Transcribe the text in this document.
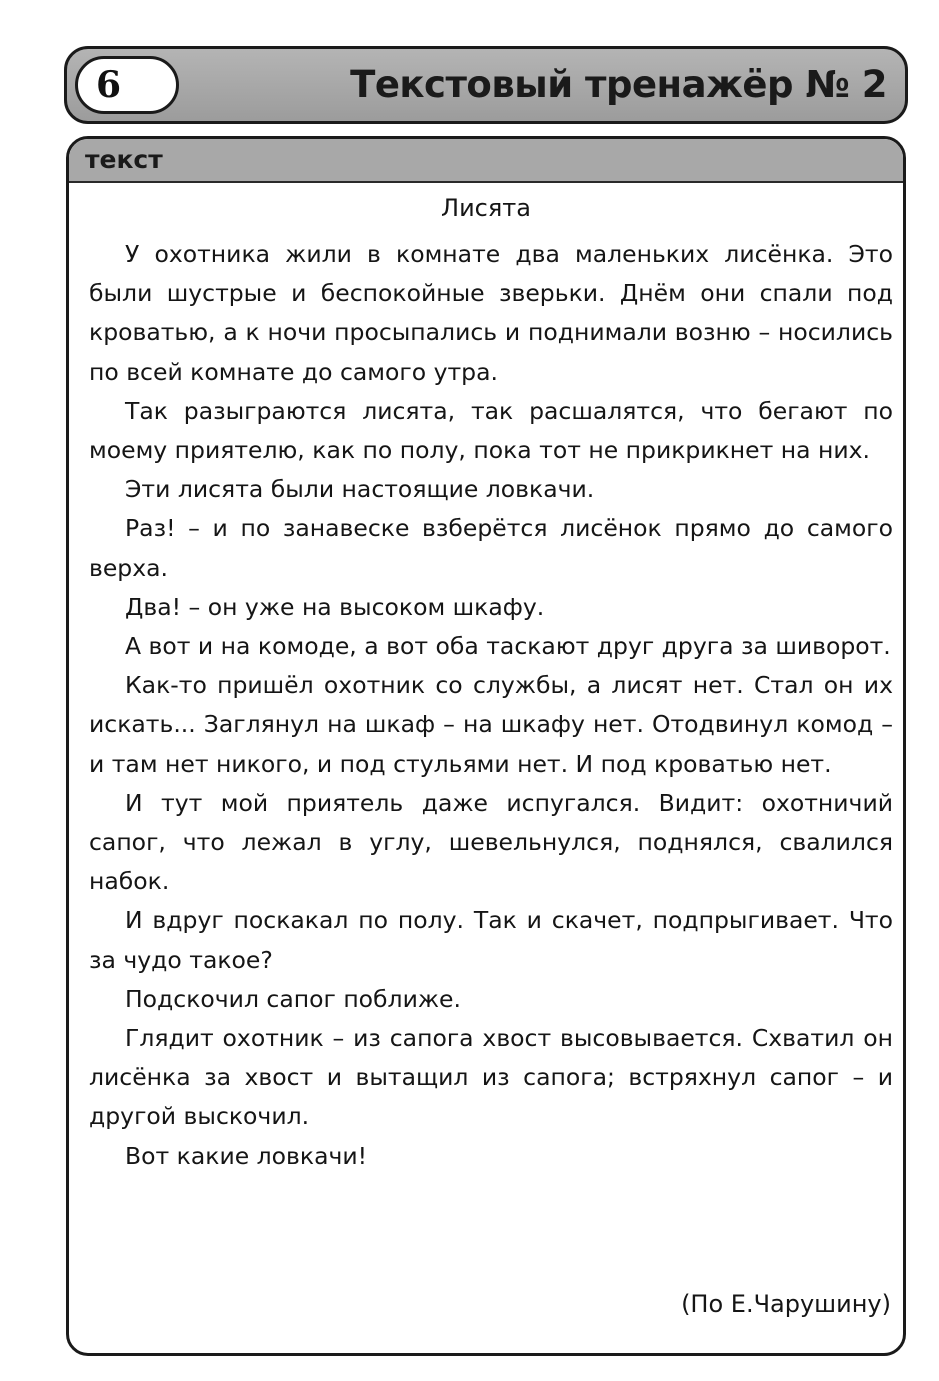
6	Текстовый тренажёр № 2
текст
Лисята

У охотника жили в комнате два маленьких лисёнка. Это были шустрые и беспокойные зверьки. Днём они спали под кроватью, а к ночи просыпались и поднимали возню – носились по всей комнате до самого утра.

Так разыграются лисята, так расшалятся, что бегают по моему приятелю, как по полу, пока тот не прикрикнет на них.

Эти лисята были настоящие ловкачи.

Раз! – и по занавеске взберётся лисёнок прямо до самого верха.

Два! – он уже на высоком шкафу.

А вот и на комоде, а вот оба таскают друг друга за шиворот.

Как-то пришёл охотник со службы, а лисят нет. Стал он их искать... Заглянул на шкаф – на шкафу нет. Отодвинул комод – и там нет никого, и под стульями нет. И под кроватью нет.

И тут мой приятель даже испугался. Видит: охотничий сапог, что лежал в углу, шевельнулся, поднялся, свалился набок.

И вдруг поскакал по полу. Так и скачет, подпрыгивает. Что за чудо такое?

Подскочил сапог поближе.

Глядит охотник – из сапога хвост высовывается. Схватил он лисёнка за хвост и вытащил из сапога; встряхнул сапог – и другой выскочил.

Вот какие ловкачи!

(По Е.Чарушину)
